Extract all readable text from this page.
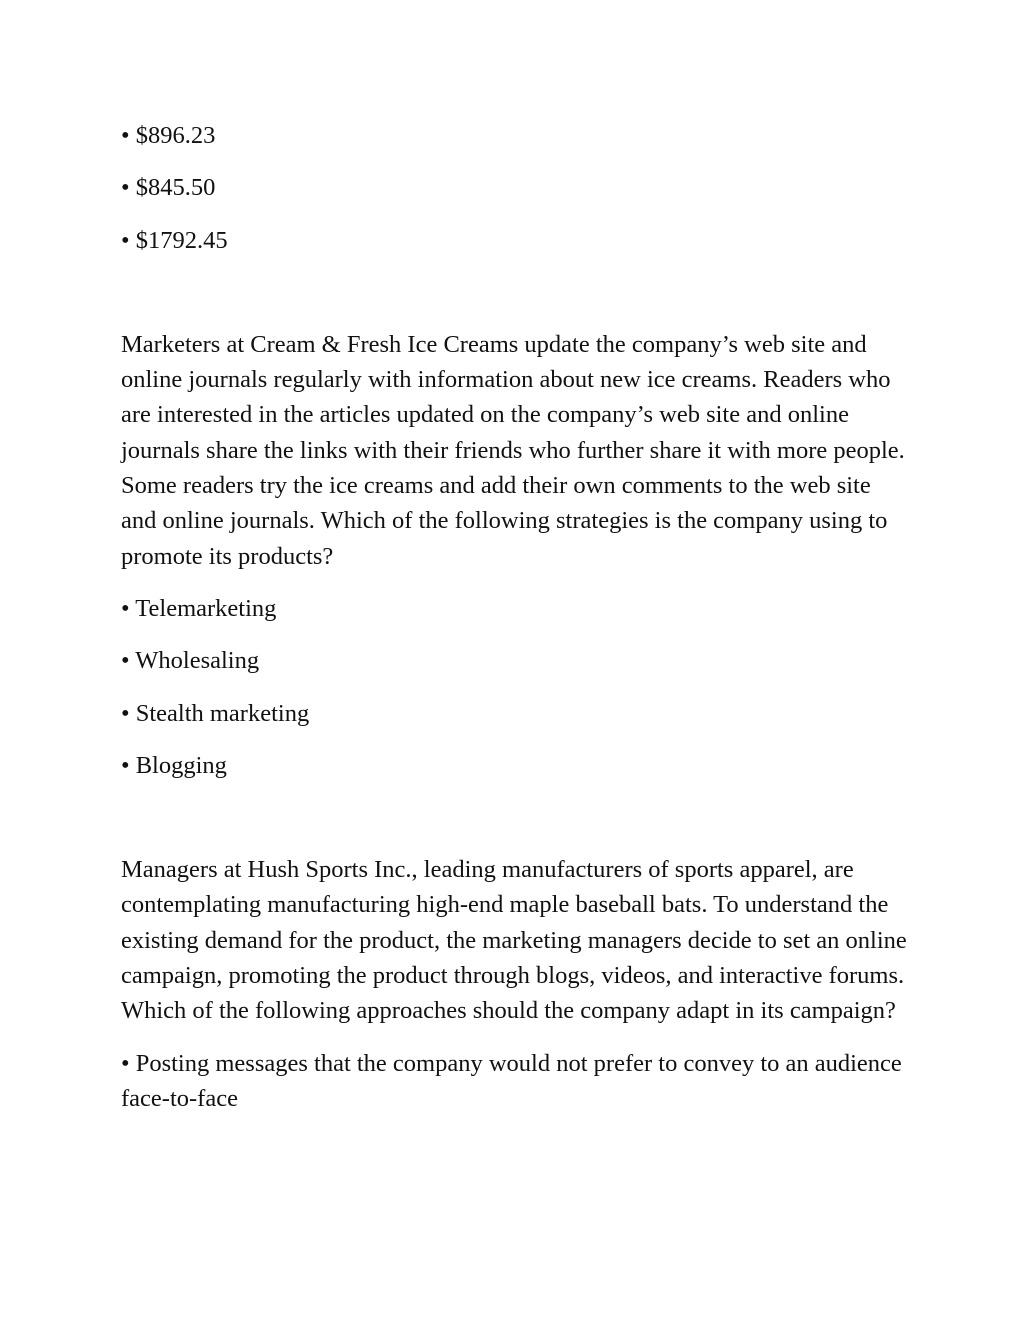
• $896.23
• $845.50
• $1792.45

Marketers at Cream & Fresh Ice Creams update the company’s web site and online journals regularly with information about new ice creams. Readers who are interested in the articles updated on the company’s web site and online journals share the links with their friends who further share it with more people. Some readers try the ice creams and add their own comments to the web site and online journals. Which of the following strategies is the company using to promote its products?

• Telemarketing
• Wholesaling
• Stealth marketing
• Blogging

Managers at Hush Sports Inc., leading manufacturers of sports apparel, are contemplating manufacturing high-end maple baseball bats. To understand the existing demand for the product, the marketing managers decide to set an online campaign, promoting the product through blogs, videos, and interactive forums. Which of the following approaches should the company adapt in its campaign?

• Posting messages that the company would not prefer to convey to an audience face-to-face
